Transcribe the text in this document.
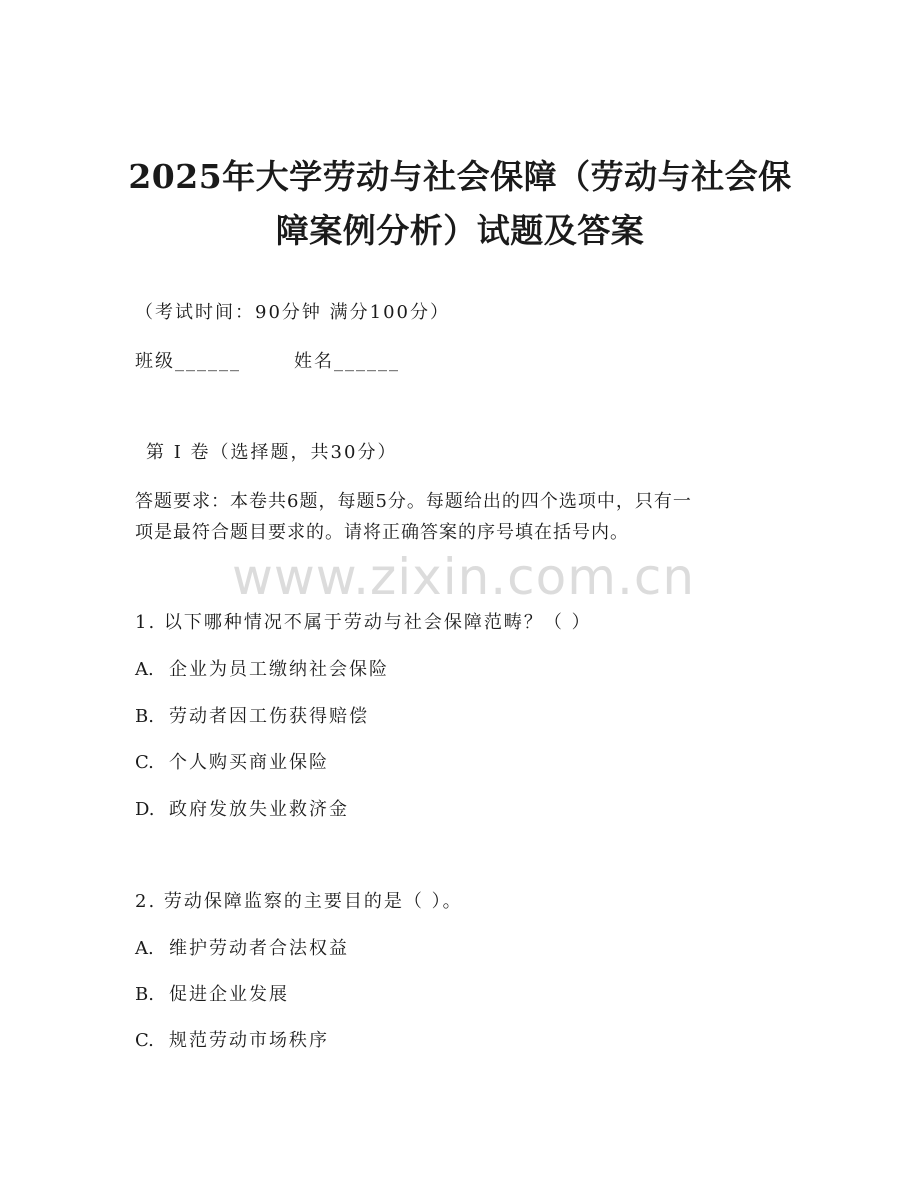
2025年大学劳动与社会保障（劳动与社会保
障案例分析）试题及答案
（考试时间：90分钟 满分100分）
班级______	姓名______
第 I 卷（选择题，共30分）
答题要求：本卷共6题，每题5分。每题给出的四个选项中，只有一
项是最符合题目要求的。请将正确答案的序号填在括号内。
www.zixin.com.cn
1. 以下哪种情况不属于劳动与社会保障范畴？（ ）
A. 企业为员工缴纳社会保险
B. 劳动者因工伤获得赔偿
C. 个人购买商业保险
D. 政府发放失业救济金
2. 劳动保障监察的主要目的是（ ）。
A. 维护劳动者合法权益
B. 促进企业发展
C. 规范劳动市场秩序
